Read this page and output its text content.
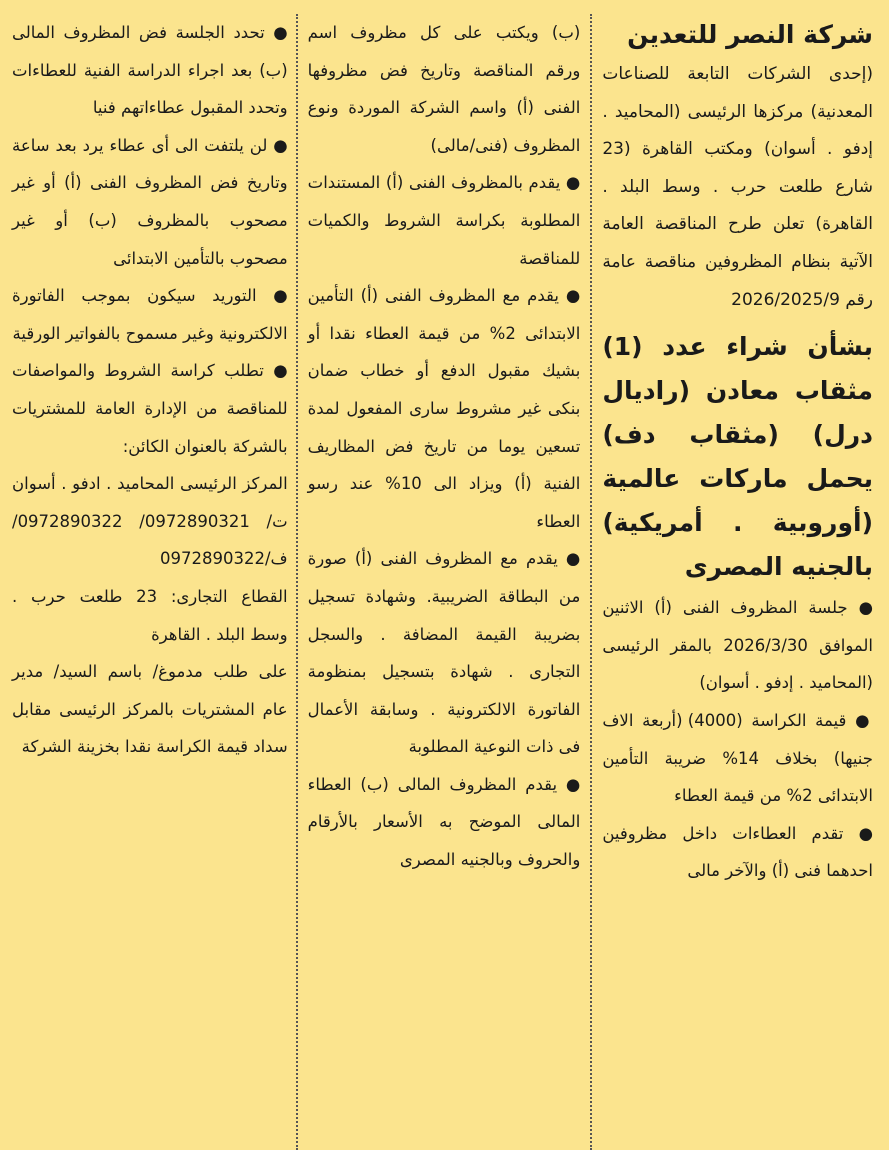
شركة النصر للتعدين

(إحدى الشركات التابعة للصناعات المعدنية) مركزها الرئيسى (المحاميد . إدفو . أسوان) ومكتب القاهرة (23 شارع طلعت حرب . وسط البلد . القاهرة) تعلن طرح المناقصة العامة الآتية بنظام المظروفين مناقصة عامة رقم 2026/2025/9

بشأن شراء عدد (1) مثقاب معادن (راديال درل) (مثقاب دف) يحمل ماركات عالمية (أوروبية . أمريكية) بالجنيه المصرى

● جلسة المظروف الفنى (أ) الاثنين الموافق 2026/3/30 بالمقر الرئيسى (المحاميد . إدفو . أسوان)

● قيمة الكراسة (4000) (أربعة الاف جنيها) بخلاف 14% ضريبة التأمين الابتدائى 2% من قيمة العطاء

● تقدم العطاءات داخل مظروفين احدهما فنى (أ) والآخر مالى

(ب) ويكتب على كل مظروف اسم ورقم المناقصة وتاريخ فض مظروفها الفنى (أ) واسم الشركة الموردة ونوع المظروف (فنى/مالى)

● يقدم بالمظروف الفنى (أ) المستندات المطلوبة بكراسة الشروط والكميات للمناقصة

● يقدم مع المظروف الفنى (أ) التأمين الابتدائى 2% من قيمة العطاء نقدا أو بشيك مقبول الدفع أو خطاب ضمان بنكى غير مشروط سارى المفعول لمدة تسعين يوما من تاريخ فض المظاريف الفنية (أ) ويزاد الى 10% عند رسو العطاء

● يقدم مع المظروف الفنى (أ) صورة من البطاقة الضريبية. وشهادة تسجيل بضريبة القيمة المضافة . والسجل التجارى . شهادة بتسجيل بمنظومة الفاتورة الالكترونية . وسابقة الأعمال فى ذات النوعية المطلوبة

● يقدم المظروف المالى (ب) العطاء المالى الموضح به الأسعار بالأرقام والحروف وبالجنيه المصرى

● تحدد الجلسة فض المظروف المالى (ب) بعد اجراء الدراسة الفنية للعطاءات وتحدد المقبول عطاءاتهم فنيا

● لن يلتفت الى أى عطاء يرد بعد ساعة وتاريخ فض المظروف الفنى (أ) أو غير مصحوب بالمظروف (ب) أو غير مصحوب بالتأمين الابتدائى

● التوريد سيكون بموجب الفاتورة الالكترونية وغير مسموح بالفواتير الورقية

● تطلب كراسة الشروط والمواصفات للمناقصة من الإدارة العامة للمشتريات بالشركة بالعنوان الكائن:

المركز الرئيسى المحاميد . ادفو . أسوان ت/ 0972890321/ 0972890322/ ف/0972890322

القطاع التجارى: 23 طلعت حرب . وسط البلد . القاهرة

على طلب مدموغ/ باسم السيد/ مدير عام المشتريات بالمركز الرئيسى مقابل سداد قيمة الكراسة نقدا بخزينة الشركة
